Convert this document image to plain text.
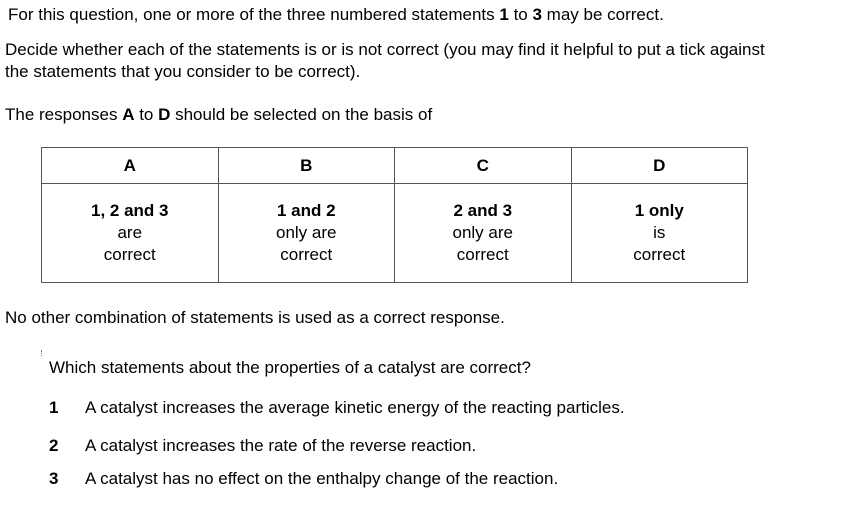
For this question, one or more of the three numbered statements 1 to 3 may be correct.
Decide whether each of the statements is or is not correct (you may find it helpful to put a tick against
the statements that you consider to be correct).
The responses A to D should be selected on the basis of
A	B	C	D

1, 2 and 3
are
correct	1 and 2
only are
correct	2 and 3
only are
correct	1 only
is
correct
No other combination of statements is used as a correct response.
Which statements about the properties of a catalyst are correct?
1 A catalyst increases the average kinetic energy of the reacting particles.
2 A catalyst increases the rate of the reverse reaction.
3 A catalyst has no effect on the enthalpy change of the reaction.
